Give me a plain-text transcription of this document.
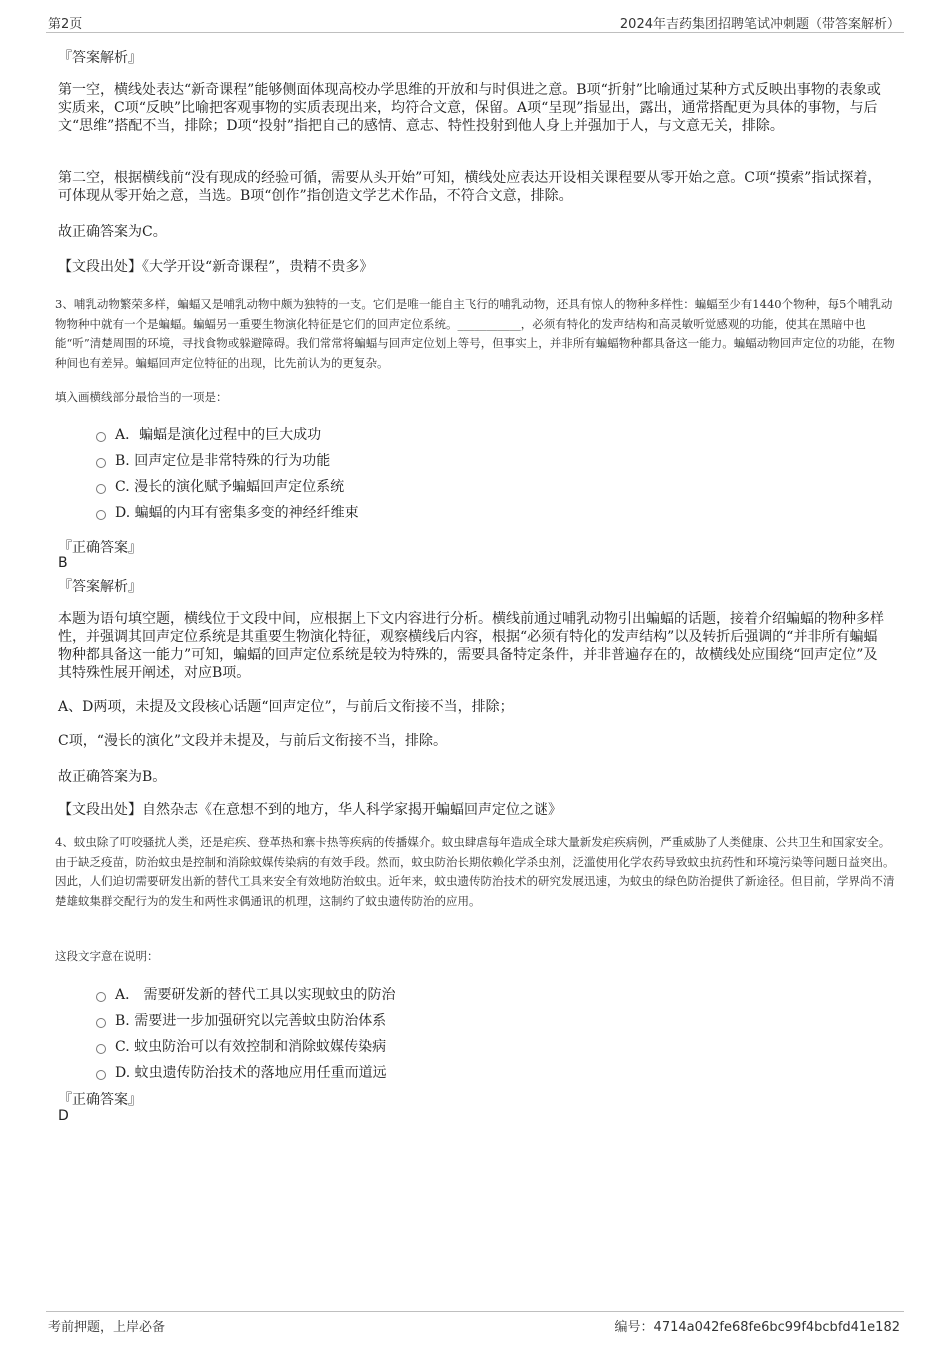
第2页	2024年吉药集团招聘笔试冲刺题（带答案解析）

『答案解析』

第一空，横线处表达“新奇课程”能够侧面体现高校办学思维的开放和与时俱进之意。B项“折射”比喻通过某种方式反映出事物的表象或实质来，C项“反映”比喻把客观事物的实质表现出来，均符合文意，保留。A项“呈现”指显出，露出，通常搭配更为具体的事物，与后文“思维”搭配不当，排除；D项“投射”指把自己的感情、意志、特性投射到他人身上并强加于人，与文意无关，排除。

第二空，根据横线前“没有现成的经验可循，需要从头开始”可知，横线处应表达开设相关课程要从零开始之意。C项“摸索”指试探着，可体现从零开始之意，当选。B项“创作”指创造文学艺术作品，不符合文意，排除。

故正确答案为C。

【文段出处】《大学开设“新奇课程”，贵精不贵多》

3、哺乳动物繁荣多样，蝙蝠又是哺乳动物中颇为独特的一支。它们是唯一能自主飞行的哺乳动物，还具有惊人的物种多样性：蝙蝠至少有1440个物种，每5个哺乳动物物种中就有一个是蝙蝠。蝙蝠另一重要生物演化特征是它们的回声定位系统。___________，必须有特化的发声结构和高灵敏听觉感观的功能，使其在黑暗中也能“听”清楚周围的环境，寻找食物或躲避障碍。我们常常将蝙蝠与回声定位划上等号，但事实上，并非所有蝙蝠物种都具备这一能力。蝙蝠动物回声定位的功能，在物种间也有差异。蝙蝠回声定位特征的出现，比先前认为的更复杂。

填入画横线部分最恰当的一项是：

A．蝙蝠是演化过程中的巨大成功
B. 回声定位是非常特殊的行为功能
C. 漫长的演化赋予蝙蝠回声定位系统
D. 蝙蝠的内耳有密集多变的神经纤维束

『正确答案』

B

『答案解析』

本题为语句填空题，横线位于文段中间，应根据上下文内容进行分析。横线前通过哺乳动物引出蝙蝠的话题，接着介绍蝙蝠的物种多样性，并强调其回声定位系统是其重要生物演化特征，观察横线后内容，根据“必须有特化的发声结构”以及转折后强调的“并非所有蝙蝠物种都具备这一能力”可知，蝙蝠的回声定位系统是较为特殊的，需要具备特定条件，并非普遍存在的，故横线处应围绕“回声定位”及其特殊性展开阐述，对应B项。

A、D两项，未提及文段核心话题“回声定位”，与前后文衔接不当，排除；

C项，“漫长的演化”文段并未提及，与前后文衔接不当，排除。

故正确答案为B。

【文段出处】自然杂志《在意想不到的地方，华人科学家揭开蝙蝠回声定位之谜》

4、蚊虫除了叮咬骚扰人类，还是疟疾、登革热和寨卡热等疾病的传播媒介。蚊虫肆虐每年造成全球大量新发疟疾病例，严重威胁了人类健康、公共卫生和国家安全。由于缺乏疫苗，防治蚊虫是控制和消除蚊媒传染病的有效手段。然而，蚊虫防治长期依赖化学杀虫剂，泛滥使用化学农药导致蚊虫抗药性和环境污染等问题日益突出。因此，人们迫切需要研发出新的替代工具来安全有效地防治蚊虫。近年来，蚊虫遗传防治技术的研究发展迅速，为蚊虫的绿色防治提供了新途径。但目前，学界尚不清楚雄蚊集群交配行为的发生和两性求偶通讯的机理，这制约了蚊虫遗传防治的应用。

这段文字意在说明：

A． 需要研发新的替代工具以实现蚊虫的防治
B. 需要进一步加强研究以完善蚊虫防治体系
C. 蚊虫防治可以有效控制和消除蚊媒传染病
D. 蚊虫遗传防治技术的落地应用任重而道远

『正确答案』

D

考前押题，上岸必备	编号：4714a042fe68fe6bc99f4bcbfd41e182
